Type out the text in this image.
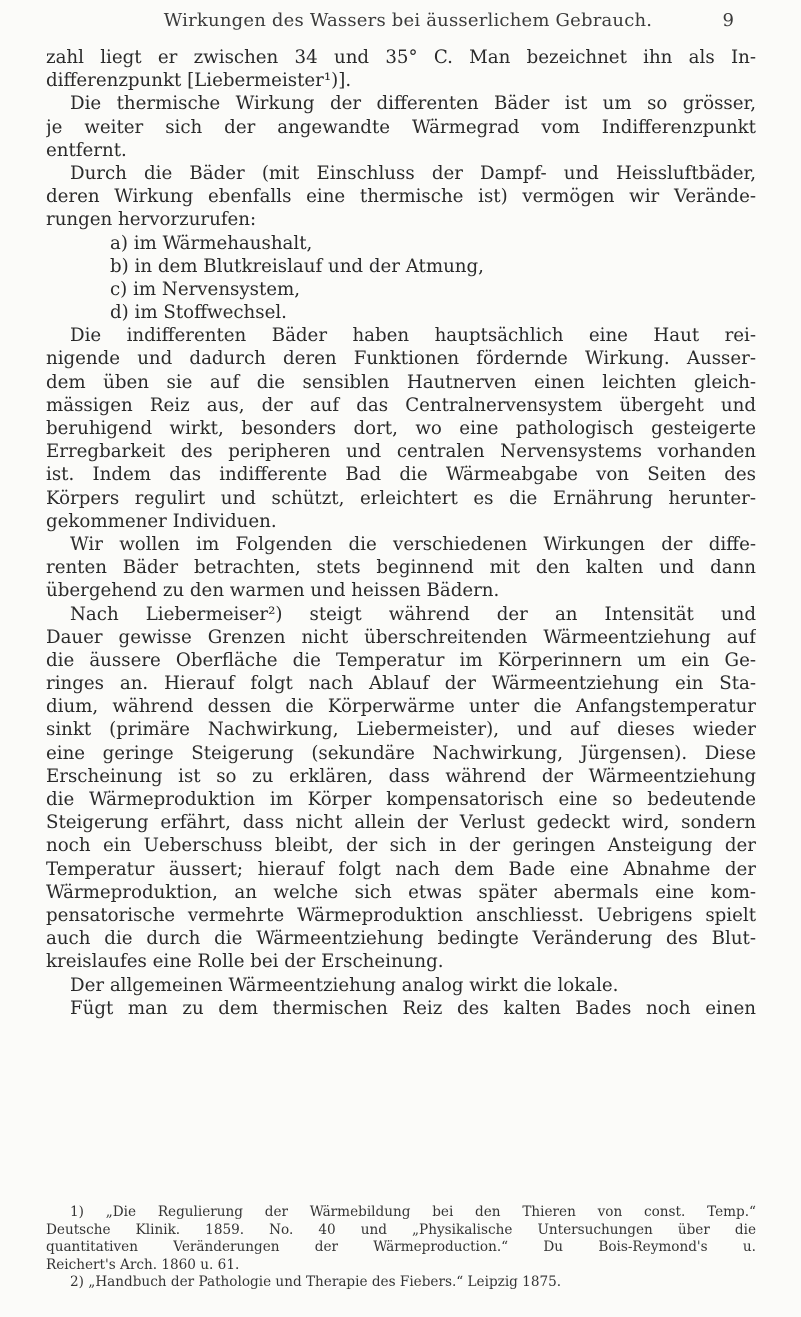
Wirkungen des Wassers bei äusserlichem Gebrauch.	9
zahl liegt er zwischen 34 und 35° C. Man bezeichnet ihn als In-
differenzpunkt [Liebermeister¹)].
Die thermische Wirkung der differenten Bäder ist um so grösser,
je weiter sich der angewandte Wärmegrad vom Indifferenzpunkt
entfernt.
Durch die Bäder (mit Einschluss der Dampf- und Heissluftbäder,
deren Wirkung ebenfalls eine thermische ist) vermögen wir Verände-
rungen hervorzurufen:
a) im Wärmehaushalt,
b) in dem Blutkreislauf und der Atmung,
c) im Nervensystem,
d) im Stoffwechsel.
Die indifferenten Bäder haben hauptsächlich eine Haut rei-
nigende und dadurch deren Funktionen fördernde Wirkung. Ausser-
dem üben sie auf die sensiblen Hautnerven einen leichten gleich-
mässigen Reiz aus, der auf das Centralnervensystem übergeht und
beruhigend wirkt, besonders dort, wo eine pathologisch gesteigerte
Erregbarkeit des peripheren und centralen Nervensystems vorhanden
ist. Indem das indifferente Bad die Wärmeabgabe von Seiten des
Körpers regulirt und schützt, erleichtert es die Ernährung herunter-
gekommener Individuen.
Wir wollen im Folgenden die verschiedenen Wirkungen der diffe-
renten Bäder betrachten, stets beginnend mit den kalten und dann
übergehend zu den warmen und heissen Bädern.
Nach Liebermeiser²) steigt während der an Intensität und
Dauer gewisse Grenzen nicht überschreitenden Wärmeentziehung auf
die äussere Oberfläche die Temperatur im Körperinnern um ein Ge-
ringes an. Hierauf folgt nach Ablauf der Wärmeentziehung ein Sta-
dium, während dessen die Körperwärme unter die Anfangstemperatur
sinkt (primäre Nachwirkung, Liebermeister), und auf dieses wieder
eine geringe Steigerung (sekundäre Nachwirkung, Jürgensen). Diese
Erscheinung ist so zu erklären, dass während der Wärmeentziehung
die Wärmeproduktion im Körper kompensatorisch eine so bedeutende
Steigerung erfährt, dass nicht allein der Verlust gedeckt wird, sondern
noch ein Ueberschuss bleibt, der sich in der geringen Ansteigung der
Temperatur äussert; hierauf folgt nach dem Bade eine Abnahme der
Wärmeproduktion, an welche sich etwas später abermals eine kom-
pensatorische vermehrte Wärmeproduktion anschliesst. Uebrigens spielt
auch die durch die Wärmeentziehung bedingte Veränderung des Blut-
kreislaufes eine Rolle bei der Erscheinung.
Der allgemeinen Wärmeentziehung analog wirkt die lokale.
Fügt man zu dem thermischen Reiz des kalten Bades noch einen
1) „Die Regulierung der Wärmebildung bei den Thieren von const. Temp.“
Deutsche Klinik. 1859. No. 40 und „Physikalische Untersuchungen über die
quantitativen Veränderungen der Wärmeproduction.“ Du Bois-Reymond's u.
Reichert's Arch. 1860 u. 61.
2) „Handbuch der Pathologie und Therapie des Fiebers.“ Leipzig 1875.
